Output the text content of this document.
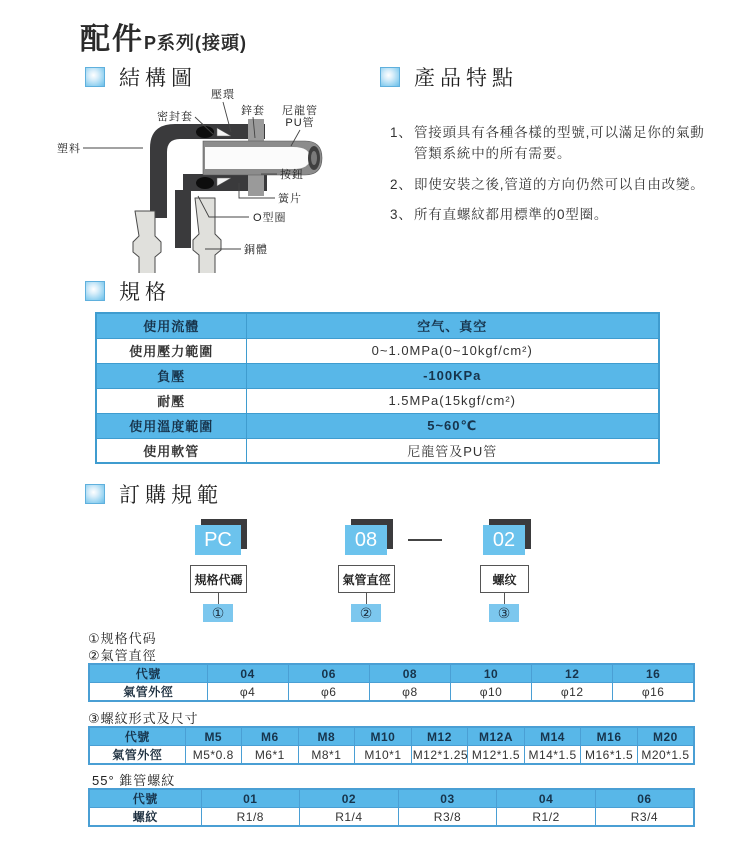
配件P系列(接頭)
結構圖	產品特點
壓環
鋅套 尼龍管
PU管
密封套
塑料
按鈕
簧片
O型圈
銅體
1、 管接頭具有各種各樣的型號,可以滿足你的氣動
管類系統中的所有需要。
2、 即使安裝之後,管道的方向仍然可以自由改變。
3、 所有直螺紋都用標準的0型圈。
規格
使用流體	空气、真空
使用壓力範圍	0~1.0MPa(0~10kgf/cm²)
負壓	-100KPa
耐壓	1.5MPa(15kgf/cm²)
使用溫度範圍	5~60℃
使用軟管	尼龍管及PU管
訂購規範
PC	08	02
規格代碼	氣管直徑	螺纹
①	②	③
①规格代码
②氣管直徑
代號	04	06	08	10	12	16
氣管外徑	φ4	φ6	φ8	φ10	φ12	φ16
③螺紋形式及尺寸
代號	M5	M6	M8	M10	M12	M12A	M14	M16	M20
氣管外徑	M5*0.8	M6*1	M8*1	M10*1	M12*1.25	M12*1.5	M14*1.5	M16*1.5	M20*1.5
55° 錐管螺紋
代號	01	02	03	04	06
螺紋	R1/8	R1/4	R3/8	R1/2	R3/4
